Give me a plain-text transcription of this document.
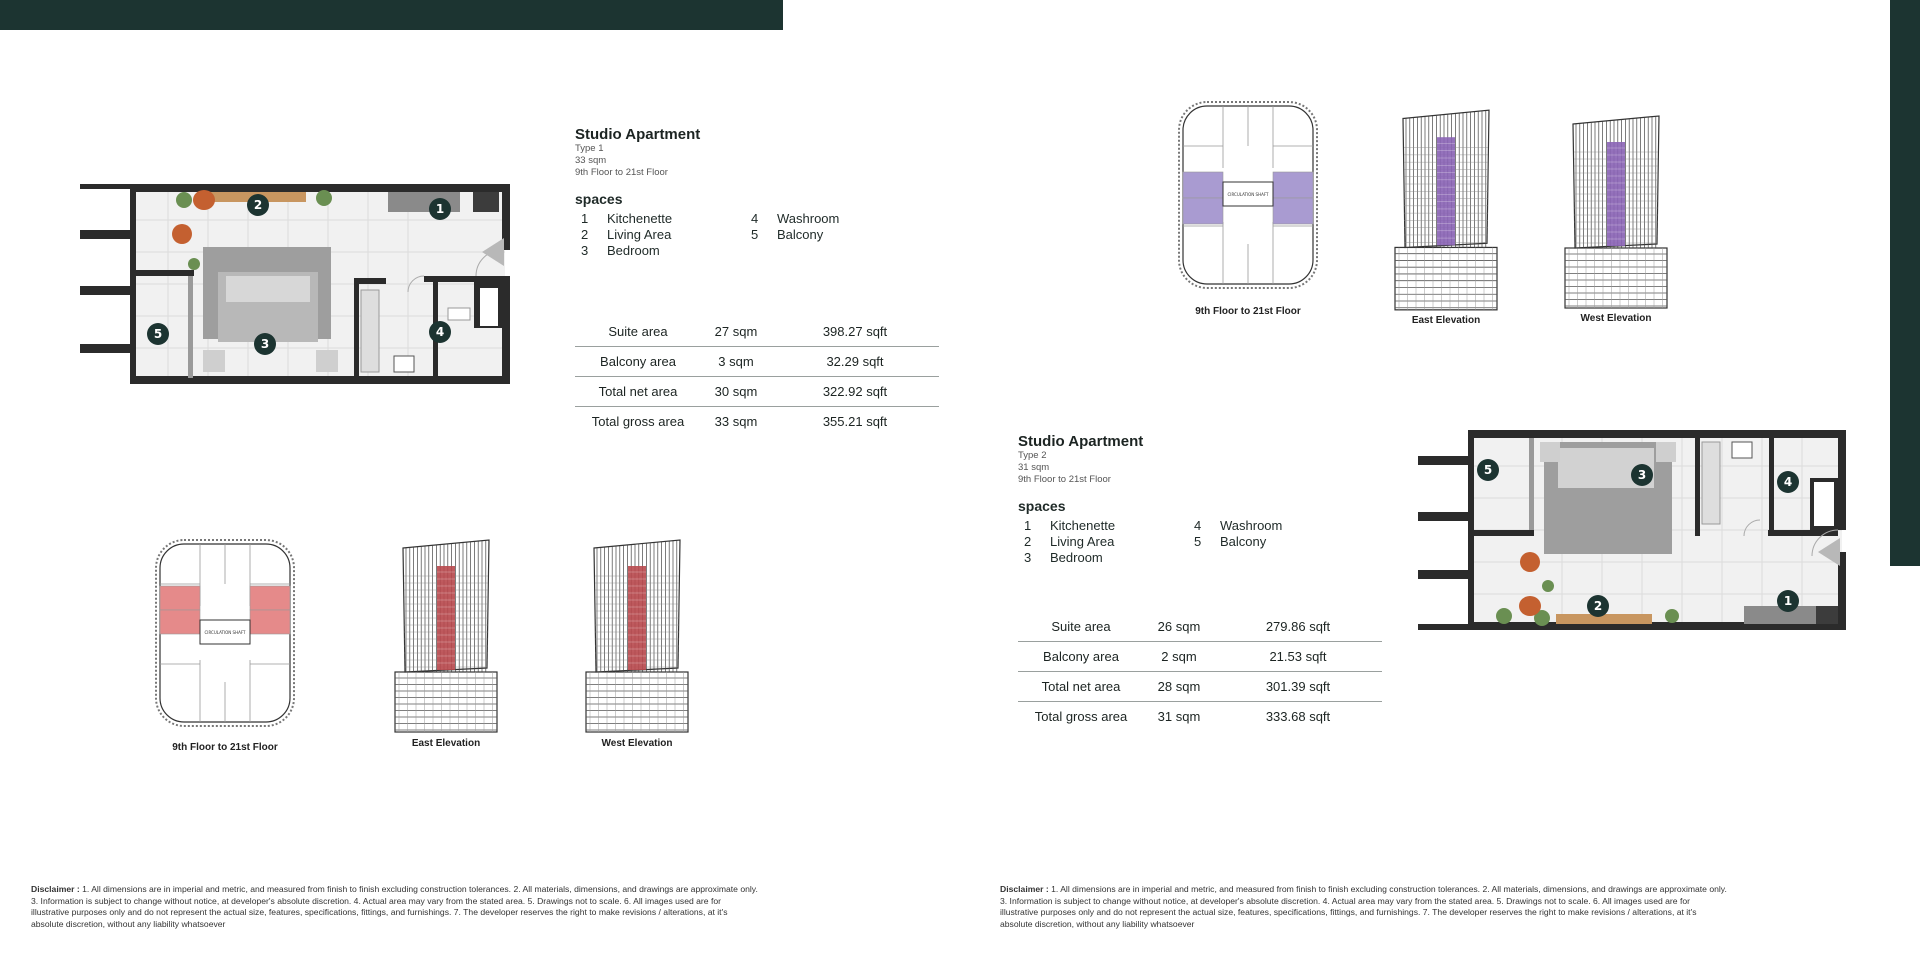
1
2
3
4
5
Studio Apartment
Type 1
33 sqm
9th Floor to 21st Floor
spaces
1	Kitchenette	4	Washroom
2	Living Area	5	Balcony
3	Bedroom
Suite area	27 sqm	398.27 sqft
Balcony area	3 sqm	32.29 sqft
Total net area	30 sqm	322.92 sqft
Total gross area	33 sqm	355.21 sqft
CIRCULATION SHAFT
9th Floor to 21st Floor	East Elevation	West Elevation
Disclaimer : 1. All dimensions are in imperial and metric, and measured from finish to finish excluding construction tolerances. 2. All materials, dimensions, and drawings are approximate only. 3. Information is subject to change without notice, at developer's absolute discretion. 4. Actual area may vary from the stated area. 5. Drawings not to scale. 6. All images used are for illustrative purposes only and do not represent the actual size, features, specifications, fittings, and furnishings. 7. The developer reserves the right to make revisions / alterations, at it's absolute discretion, without any liability whatsoever
CIRCULATION SHAFT
9th Floor to 21st Floor
East Elevation	West Elevation
Studio Apartment
Type 2
31 sqm
9th Floor to 21st Floor
spaces
1	Kitchenette	4	Washroom
2	Living Area	5	Balcony
3	Bedroom
Suite area	26 sqm	279.86 sqft
Balcony area	2 sqm	21.53 sqft
Total net area	28 sqm	301.39 sqft
Total gross area	31 sqm	333.68 sqft
1
2
3	4
5
Disclaimer : 1. All dimensions are in imperial and metric, and measured from finish to finish excluding construction tolerances. 2. All materials, dimensions, and drawings are approximate only. 3. Information is subject to change without notice, at developer's absolute discretion. 4. Actual area may vary from the stated area. 5. Drawings not to scale. 6. All images used are for illustrative purposes only and do not represent the actual size, features, specifications, fittings, and furnishings. 7. The developer reserves the right to make revisions / alterations, at it's absolute discretion, without any liability whatsoever
